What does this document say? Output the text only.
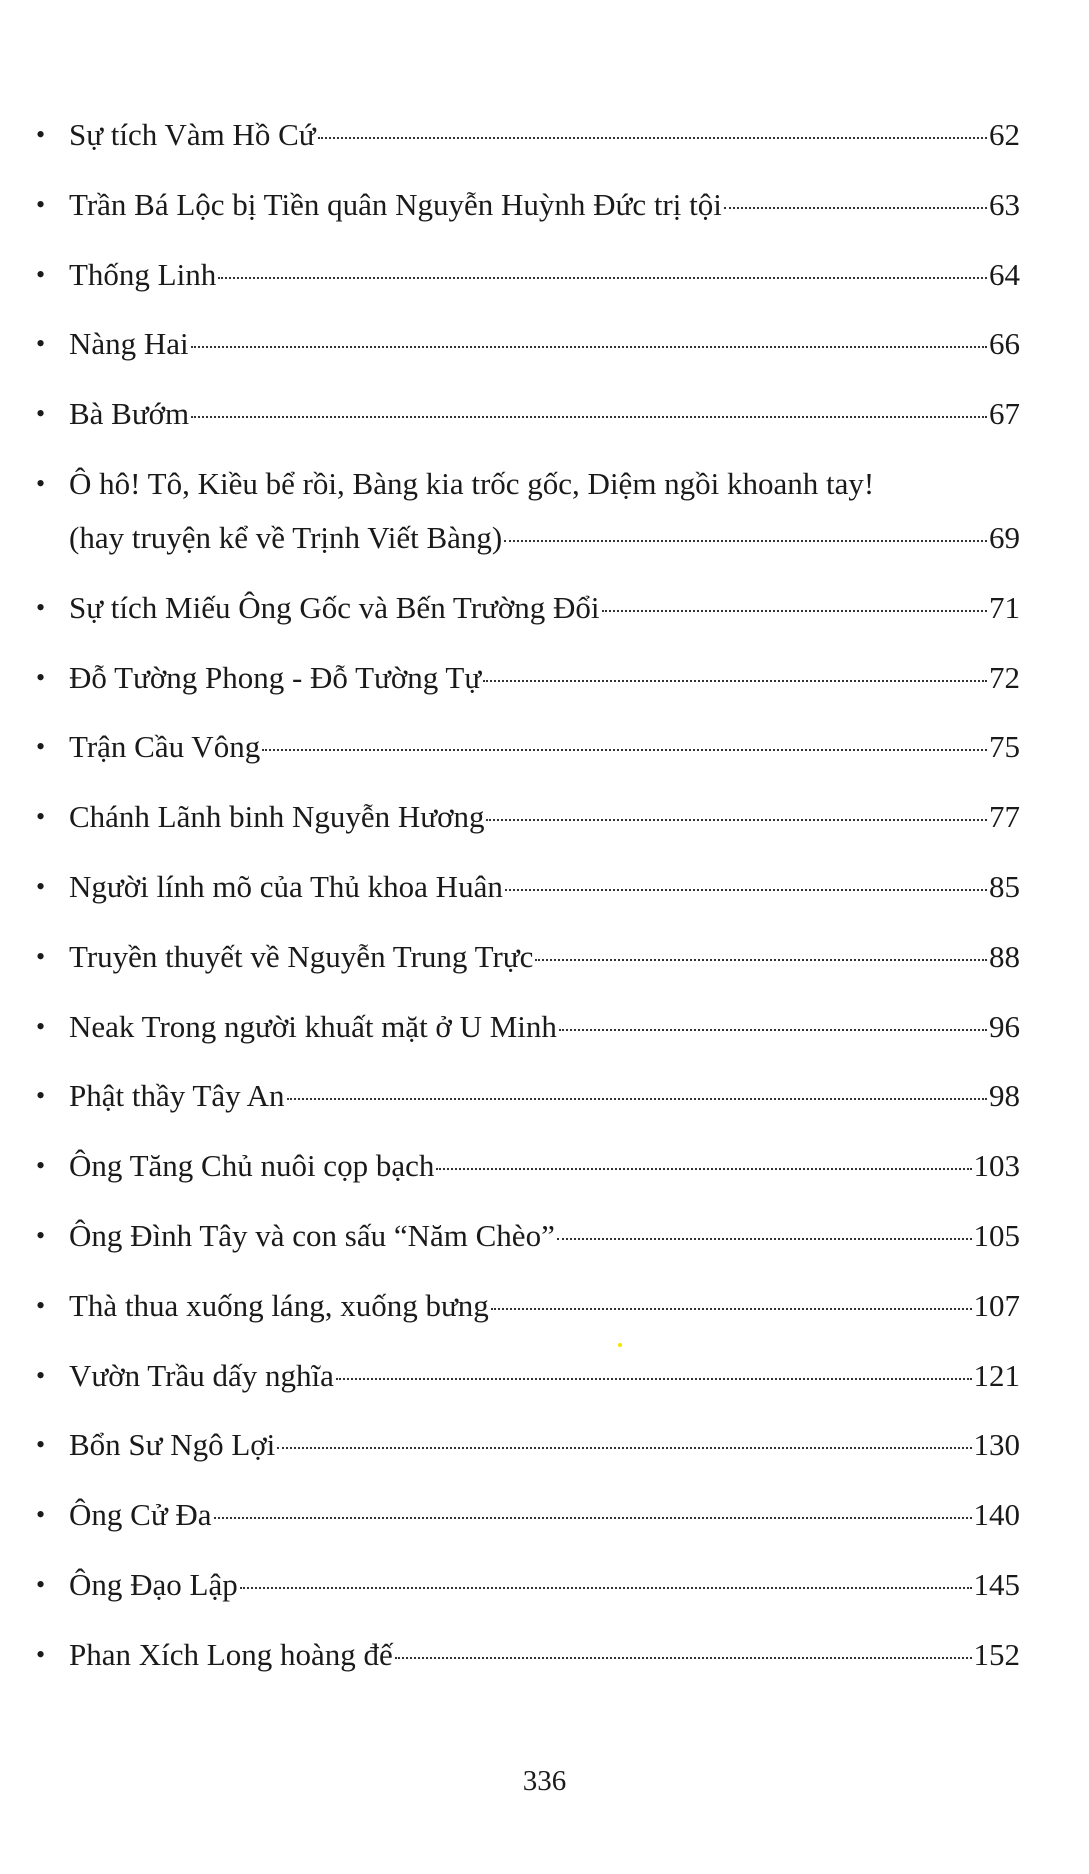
• Sự tích Vàm Hồ Cứ	62
• Trần Bá Lộc bị Tiền quân Nguyễn Huỳnh Đức trị tội	63
• Thống Linh	64
• Nàng Hai	66
• Bà Bướm	67
• Ô hô! Tô, Kiều bể rồi, Bàng kia trốc gốc, Diệm ngồi khoanh tay!
(hay truyện kể về Trịnh Viết Bàng)	69
• Sự tích Miếu Ông Gốc và Bến Trường Đổi	71
• Đỗ Tường Phong - Đỗ Tường Tự	72
• Trận Cầu Vông	75
• Chánh Lãnh binh Nguyễn Hương	77
• Người lính mõ của Thủ khoa Huân	85
• Truyền thuyết về Nguyễn Trung Trực	88
• Neak Trong người khuất mặt ở U Minh	96
• Phật thầy Tây An	98
• Ông Tăng Chủ nuôi cọp bạch	103
• Ông Đình Tây và con sấu “Năm Chèo”	105
• Thà thua xuống láng, xuống bưng	107
• Vườn Trầu dấy nghĩa	121
• Bổn Sư Ngô Lợi	130
• Ông Cử Đa	140
• Ông Đạo Lập	145
• Phan Xích Long hoàng đế	152
336
